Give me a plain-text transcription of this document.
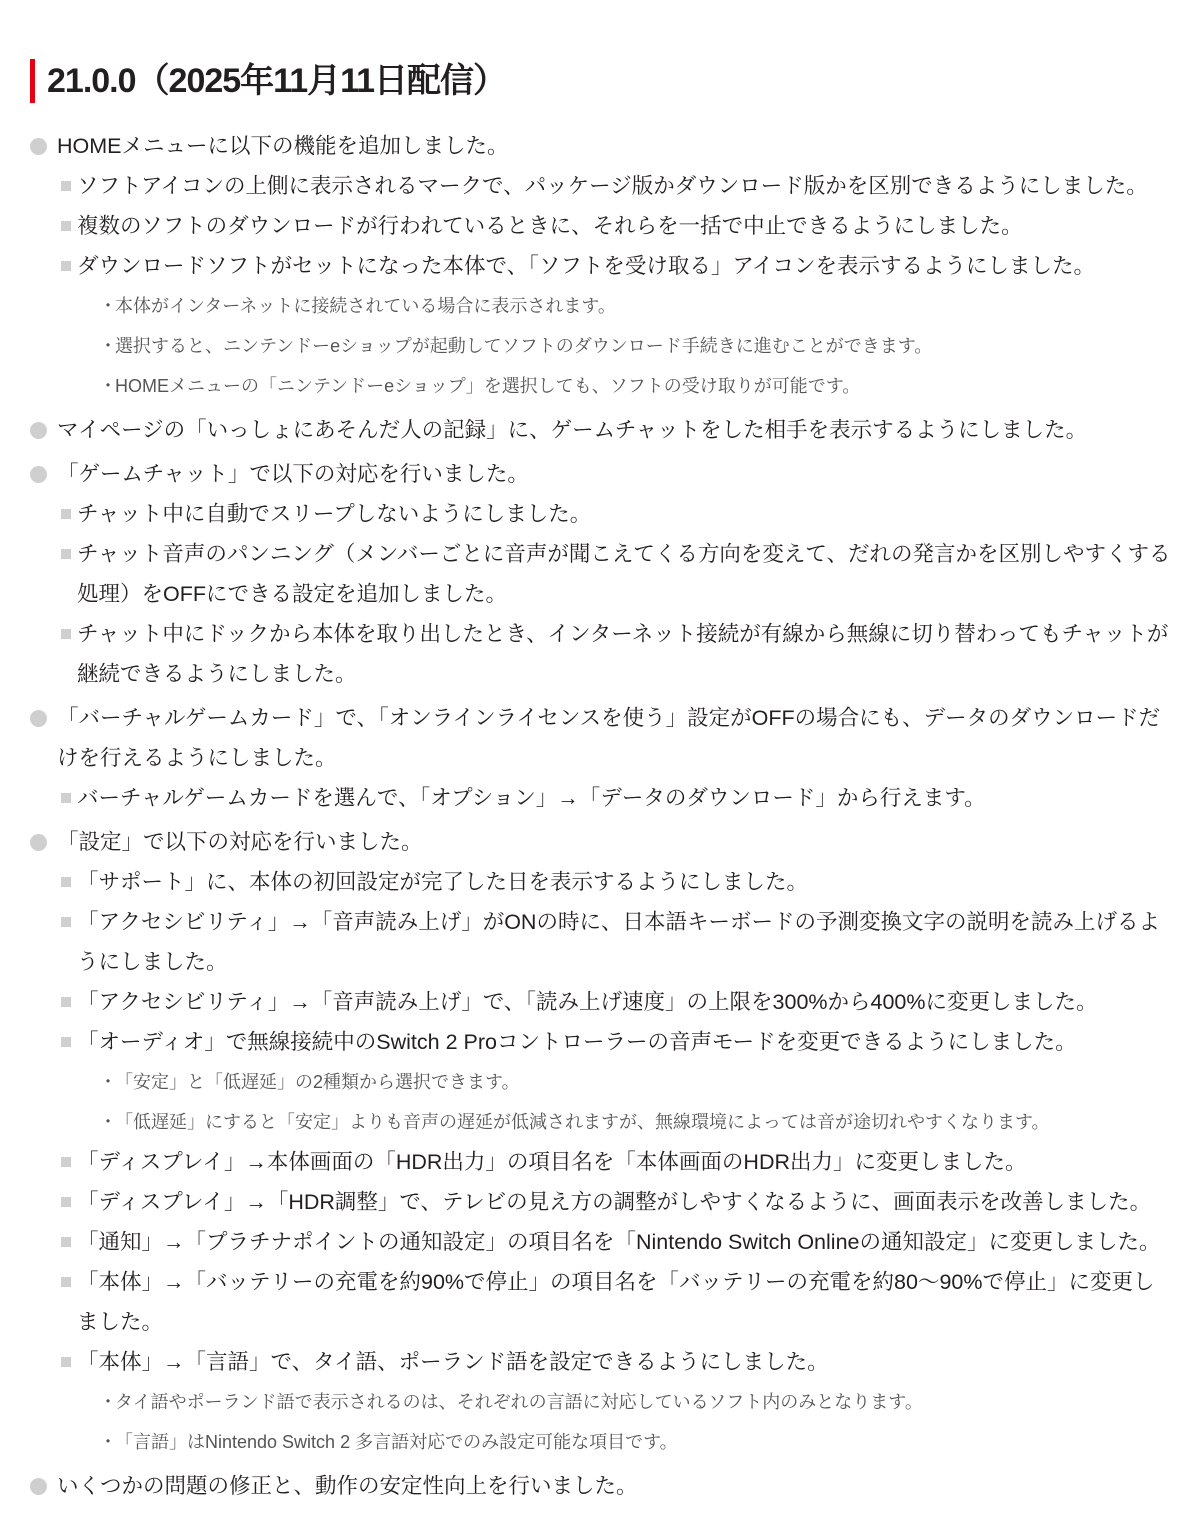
21.0.0（2025年11月11日配信）
HOMEメニューに以下の機能を追加しました。
ソフトアイコンの上側に表示されるマークで、パッケージ版かダウンロード版かを区別できるようにしました。
複数のソフトのダウンロードが行われているときに、それらを一括で中止できるようにしました。
ダウンロードソフトがセットになった本体で、「ソフトを受け取る」アイコンを表示するようにしました。
・
本体がインターネットに接続されている場合に表示されます。
・
選択すると、ニンテンドーeショップが起動してソフトのダウンロード手続きに進むことができます。
・
HOMEメニューの「ニンテンドーeショップ」を選択しても、ソフトの受け取りが可能です。
マイページの「いっしょにあそんだ人の記録」に、ゲームチャットをした相手を表示するようにしました。
「ゲームチャット」で以下の対応を行いました。
チャット中に自動でスリープしないようにしました。
チャット音声のパンニング（メンバーごとに音声が聞こえてくる方向を変えて、だれの発言かを区別しやすくする処理）をOFFにできる設定を追加しました。
チャット中にドックから本体を取り出したとき、インターネット接続が有線から無線に切り替わってもチャットが継続できるようにしました。
「バーチャルゲームカード」で、「オンラインライセンスを使う」設定がOFFの場合にも、データのダウンロードだけを行えるようにしました。
バーチャルゲームカードを選んで、「オプション」→「データのダウンロード」から行えます。
「設定」で以下の対応を行いました。
「サポート」に、本体の初回設定が完了した日を表示するようにしました。
「アクセシビリティ」→「音声読み上げ」がONの時に、日本語キーボードの予測変換文字の説明を読み上げるようにしました。
「アクセシビリティ」→「音声読み上げ」で、「読み上げ速度」の上限を300%から400%に変更しました。
「オーディオ」で無線接続中のSwitch 2 Proコントローラーの音声モードを変更できるようにしました。
・
「安定」と「低遅延」の2種類から選択できます。
・
「低遅延」にすると「安定」よりも音声の遅延が低減されますが、無線環境によっては音が途切れやすくなります。
「ディスプレイ」→本体画面の「HDR出力」の項目名を「本体画面のHDR出力」に変更しました。
「ディスプレイ」→「HDR調整」で、テレビの見え方の調整がしやすくなるように、画面表示を改善しました。
「通知」→「プラチナポイントの通知設定」の項目名を「Nintendo Switch Onlineの通知設定」に変更しました。
「本体」→「バッテリーの充電を約90%で停止」の項目名を「バッテリーの充電を約80～90%で停止」に変更しました。
「本体」→「言語」で、タイ語、ポーランド語を設定できるようにしました。
・
タイ語やポーランド語で表示されるのは、それぞれの言語に対応しているソフト内のみとなります。
・
「言語」はNintendo Switch 2 多言語対応でのみ設定可能な項目です。
いくつかの問題の修正と、動作の安定性向上を行いました。
